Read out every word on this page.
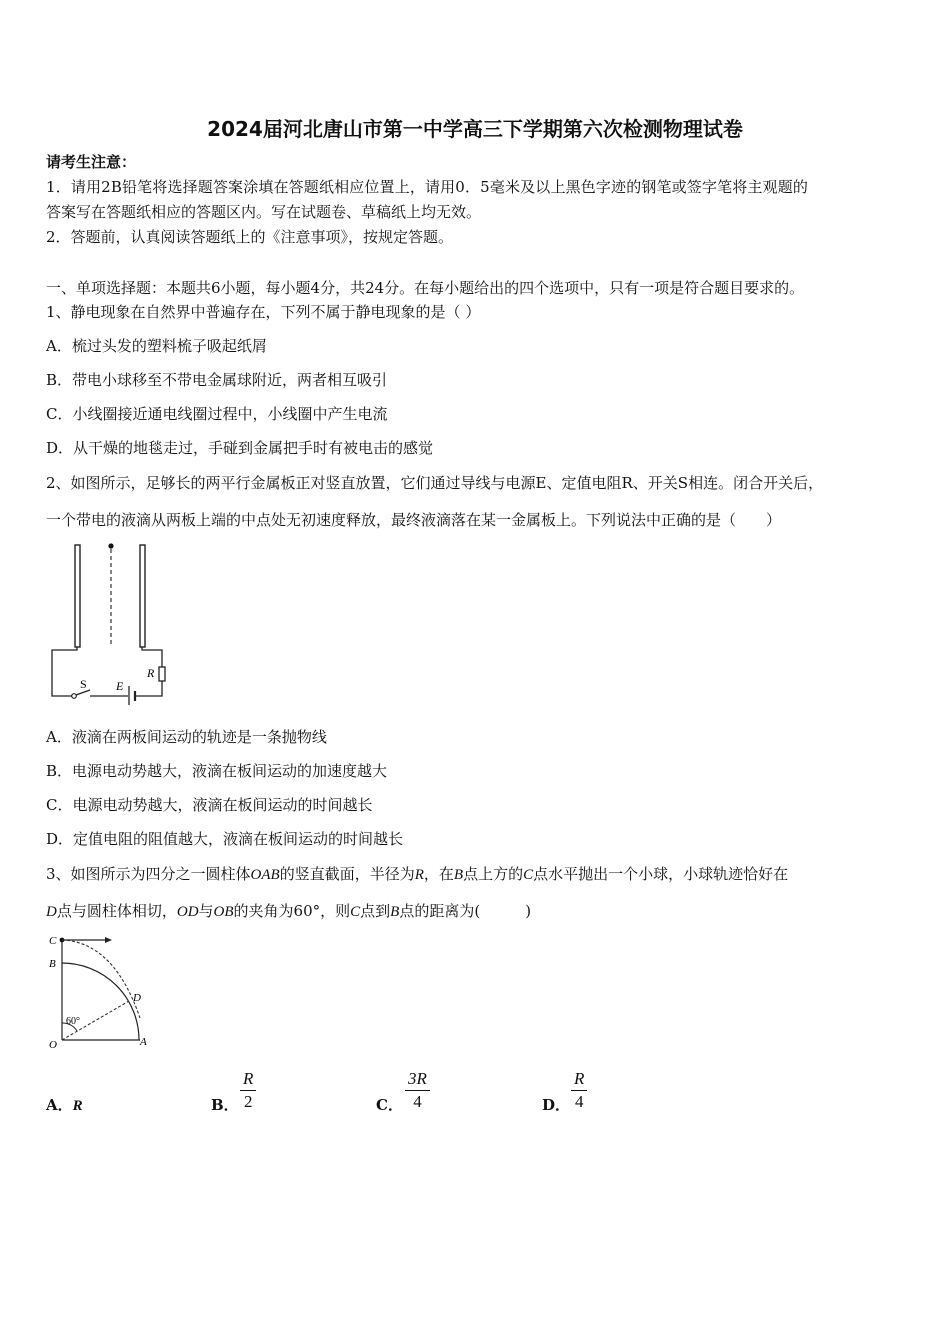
2024届河北唐山市第一中学高三下学期第六次检测物理试卷
请考生注意：
1．请用2B铅笔将选择题答案涂填在答题纸相应位置上，请用0．5毫米及以上黑色字迹的钢笔或签字笔将主观题的
答案写在答题纸相应的答题区内。写在试题卷、草稿纸上均无效。
2．答题前，认真阅读答题纸上的《注意事项》，按规定答题。
一、单项选择题：本题共6小题，每小题4分，共24分。在每小题给出的四个选项中，只有一项是符合题目要求的。
1、静电现象在自然界中普遍存在，下列不属于静电现象的是（ ）
A．梳过头发的塑料梳子吸起纸屑
B．带电小球移至不带电金属球附近，两者相互吸引
C．小线圈接近通电线圈过程中，小线圈中产生电流
D．从干燥的地毯走过，手碰到金属把手时有被电击的感觉
2、如图所示，足够长的两平行金属板正对竖直放置，它们通过导线与电源E、定值电阻R、开关S相连。闭合开关后，
一个带电的液滴从两板上端的中点处无初速度释放，最终液滴落在某一金属板上。下列说法中正确的是（　　）
R
S E
A．液滴在两板间运动的轨迹是一条抛物线
B．电源电动势越大，液滴在板间运动的加速度越大
C．电源电动势越大，液滴在板间运动的时间越长
D．定值电阻的阻值越大，液滴在板间运动的时间越长
3、如图所示为四分之一圆柱体OAB的竖直截面，半径为R，在B点上方的C点水平抛出一个小球，小球轨迹恰好在
D点与圆柱体相切，OD与OB的夹角为60°，则C点到B点的距离为(　　　)
60°
C
B
D
O	A
A．R	B．
R
2	C．
3R
4	D．
R
4
